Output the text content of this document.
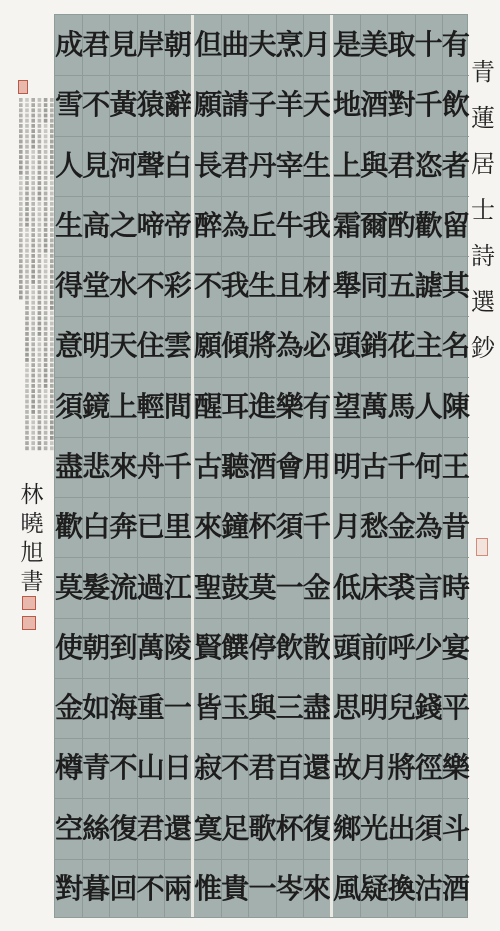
朝
辭
白
帝
彩
雲
間
千
里
江
陵
一
日
還
兩
岸
猿
聲
啼
不
住
輕
舟
已
過
萬
重
山
君
不
見
黃
河
之
水
天
上
來
奔
流
到
海
不
復
回
君
不
見
高
堂
明
鏡
悲
白
髮
朝
如
青
絲
暮
成
雪
人
生
得
意
須
盡
歡
莫
使
金
樽
空
對
月
天
生
我
材
必
有
用
千
金
散
盡
還
復
來
烹
羊
宰
牛
且
為
樂
會
須
一
飲
三
百
杯
岑
夫
子
丹
丘
生
將
進
酒
杯
莫
停
與
君
歌
一
曲
請
君
為
我
傾
耳
聽
鐘
鼓
饌
玉
不
足
貴
但
願
長
醉
不
願
醒
古
來
聖
賢
皆
寂
寞
惟
有
飲
者
留
其
名
陳
王
昔
時
宴
平
樂
斗
酒
十
千
恣
歡
謔
主
人
何
為
言
少
錢
徑
須
沽
取
對
君
酌
五
花
馬
千
金
裘
呼
兒
將
出
換
美
酒
與
爾
同
銷
萬
古
愁
床
前
明
月
光
疑
是
地
上
霜
舉
頭
望
明
月
低
頭
思
故
鄉
風
青
蓮
居
士
詩
選
鈔
林
曉
旭
書
